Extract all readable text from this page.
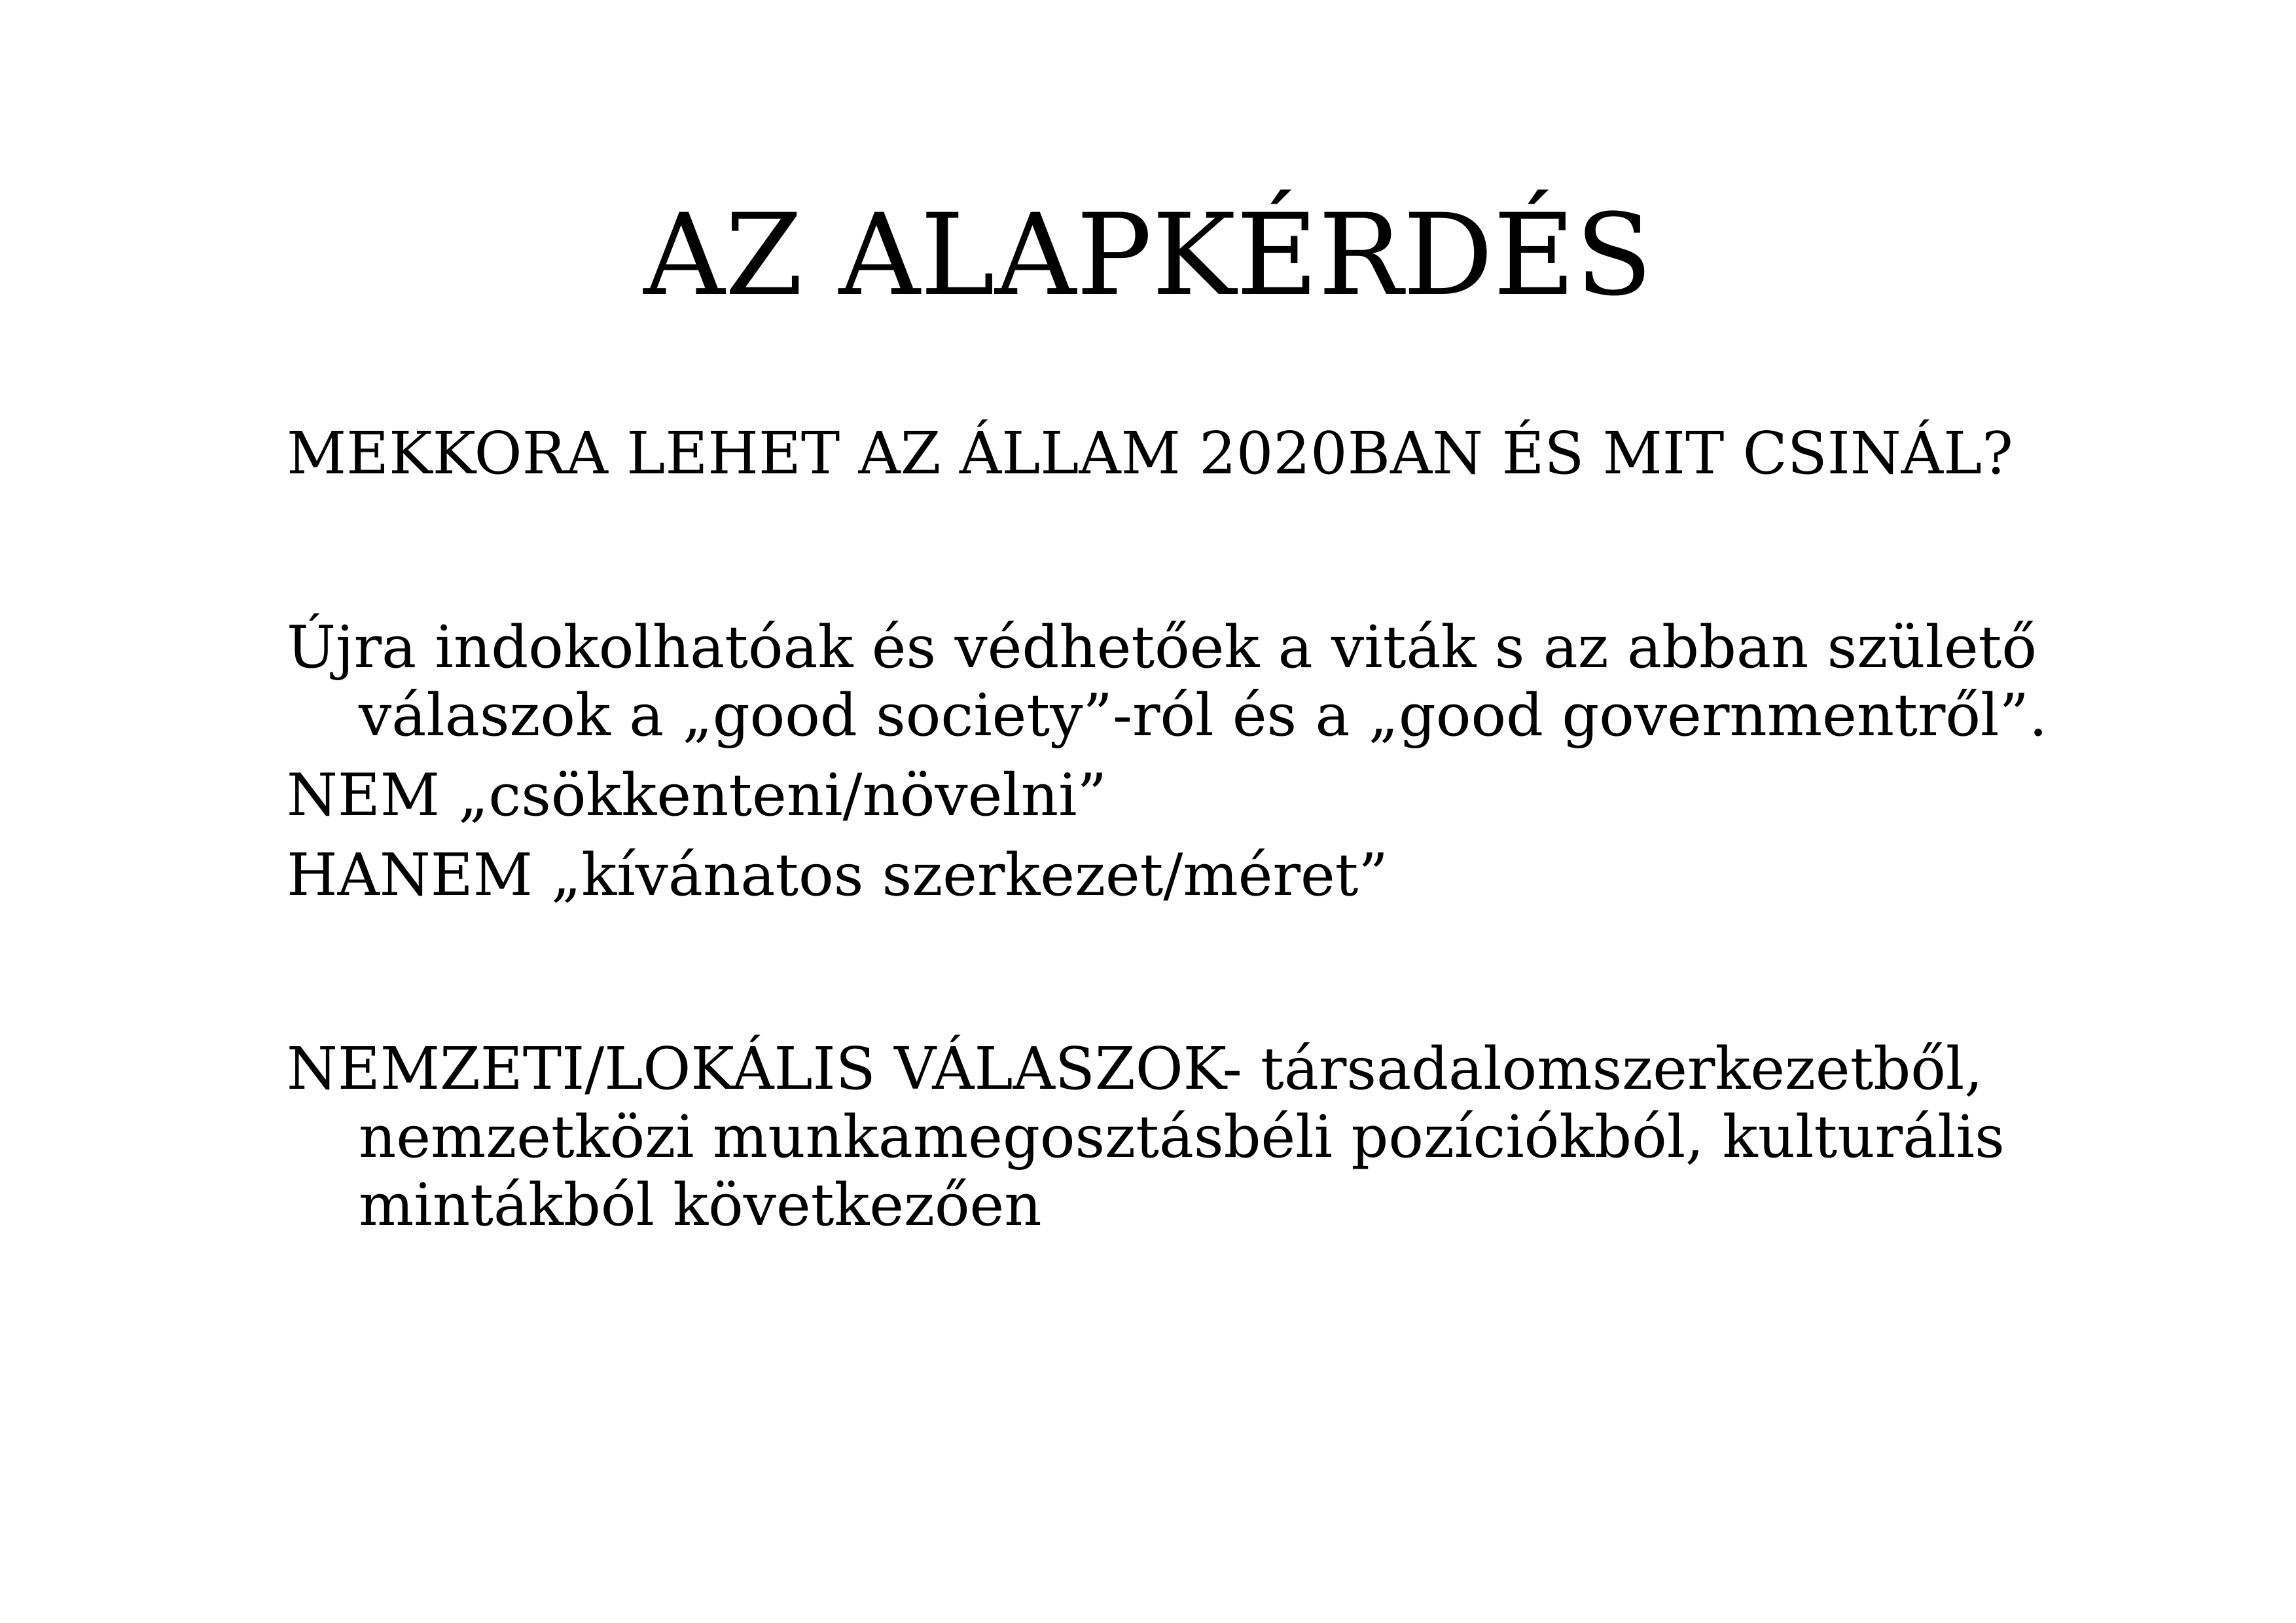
AZ ALAPKÉRDÉS

MEKKORA LEHET AZ ÁLLAM 2020BAN ÉS MIT CSINÁL?

Újra indokolhatóak és védhetőek a viták s az abban születő válaszok a „good society”-ról és a „good governmentről”.

NEM „csökkenteni/növelni”

HANEM „kívánatos szerkezet/méret”

NEMZETI/LOKÁLIS VÁLASZOK- társadalomszerkezetből, nemzetközi munkamegosztásbéli pozíciókból, kulturális mintákból következően
